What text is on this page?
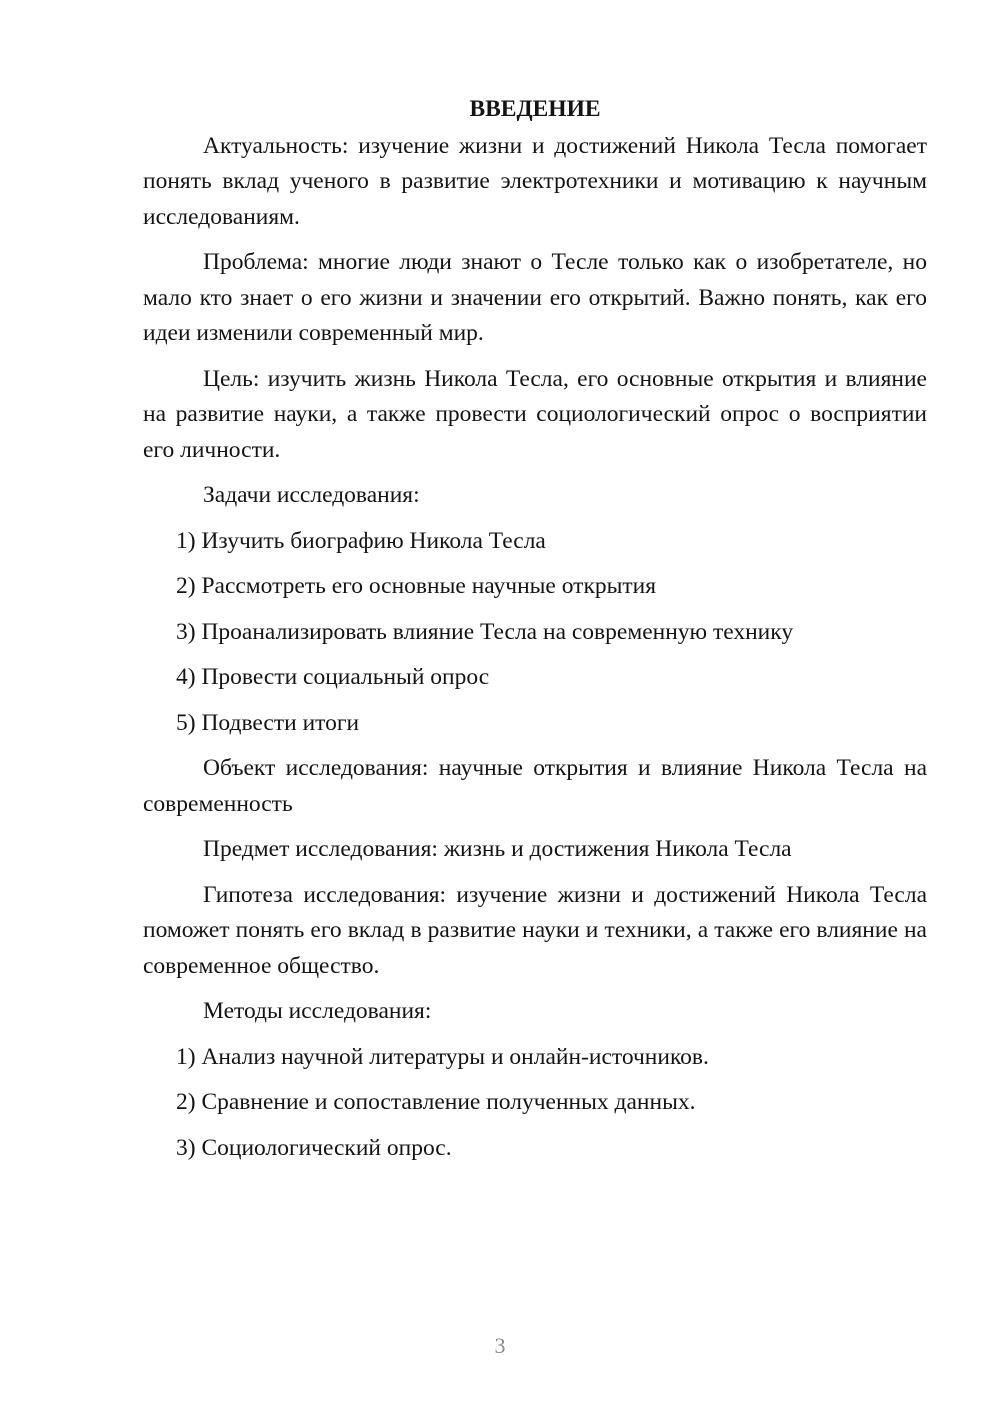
ВВЕДЕНИЕ

Актуальность: изучение жизни и достижений Никола Тесла помогает понять вклад ученого в развитие электротехники и мотивацию к научным исследованиям.

Проблема: многие люди знают о Тесле только как о изобретателе, но мало кто знает о его жизни и значении его открытий. Важно понять, как его идеи изменили современный мир.

Цель: изучить жизнь Никола Тесла, его основные открытия и влияние на развитие науки, а также провести социологический опрос о восприятии его личности.

Задачи исследования:

1) Изучить биографию Никола Тесла
2) Рассмотреть его основные научные открытия
3) Проанализировать влияние Тесла на современную технику
4) Провести социальный опрос
5) Подвести итоги

Объект исследования: научные открытия и влияние Никола Тесла на современность

Предмет исследования: жизнь и достижения Никола Тесла

Гипотеза исследования: изучение жизни и достижений Никола Тесла поможет понять его вклад в развитие науки и техники, а также его влияние на современное общество.

Методы исследования:

1) Анализ научной литературы и онлайн-источников.
2) Сравнение и сопоставление полученных данных.
3) Социологический опрос.
3
